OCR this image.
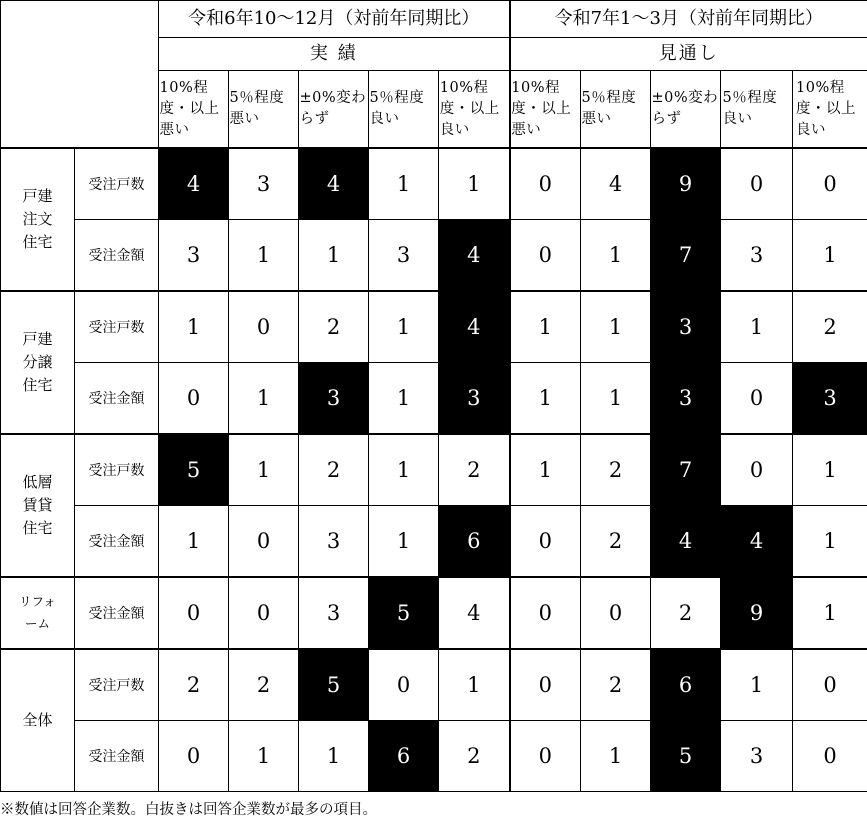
		令和6年10〜12月（対前年同期比）					令和7年1〜3月（対前年同期比）				
		実 績					見通し				
		10%程度・以上悪い	5％程度悪い	±0%変わらず	5％程度良い	10%程度・以上良い	10%程度・以上悪い	5％程度悪い	±0%変わらず	5％程度良い	10%程度・以上良い
戸建注文住宅	受注戸数	4	3	4	1	1	0	4	9	0	0
	受注金額	3	1	1	3	4	0	1	7	3	1
戸建分譲住宅	受注戸数	1	0	2	1	4	1	1	3	1	2
	受注金額	0	1	3	1	3	1	1	3	0	3
低層賃貸住宅	受注戸数	5	1	2	1	2	1	2	7	0	1
	受注金額	1	0	3	1	6	0	2	4	4	1
リフォーム	受注金額	0	0	3	5	4	0	0	2	9	1
全体	受注戸数	2	2	5	0	1	0	2	6	1	0
	受注金額	0	1	1	6	2	0	1	5	3	0
※数値は回答企業数。白抜きは回答企業数が最多の項目。
